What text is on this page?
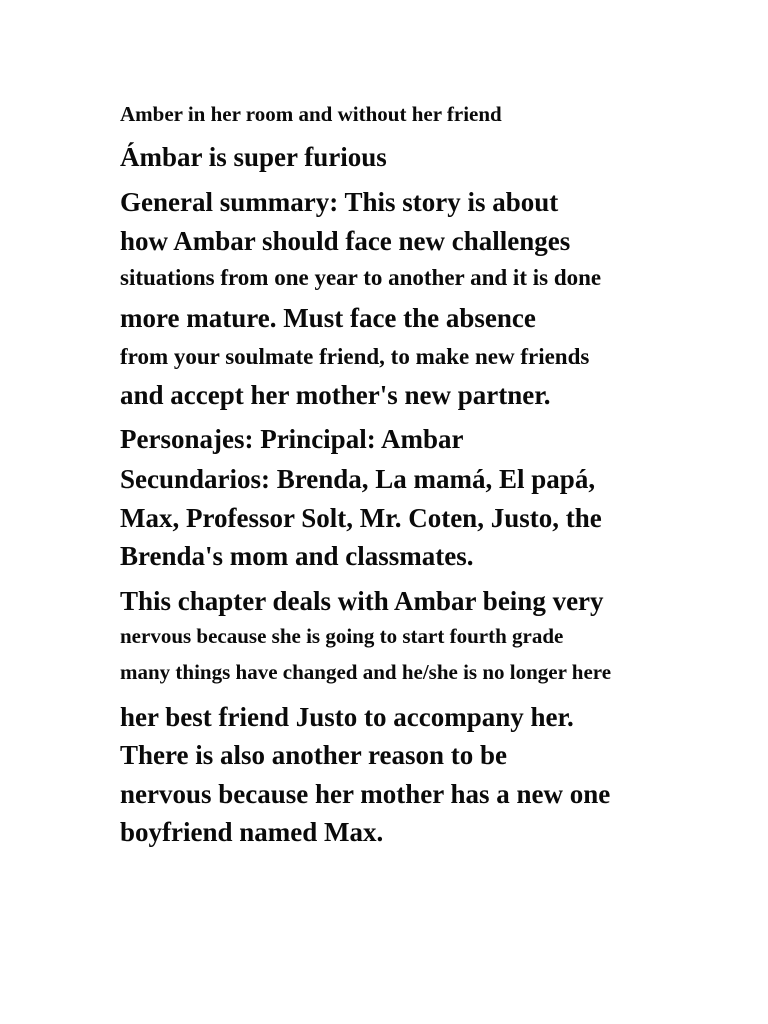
Amber in her room and without her friend

Ámbar is super furious

General summary: This story is about

how Ambar should face new challenges

situations from one year to another and it is done

more mature. Must face the absence

from your soulmate friend, to make new friends

and accept her mother's new partner.

Personajes: Principal: Ambar

Secundarios: Brenda, La mamá, El papá,

Max, Professor Solt, Mr. Coten, Justo, the

Brenda's mom and classmates.

This chapter deals with Ambar being very

nervous because she is going to start fourth grade

many things have changed and he/she is no longer here

her best friend Justo to accompany her.

There is also another reason to be

nervous because her mother has a new one

boyfriend named Max.
